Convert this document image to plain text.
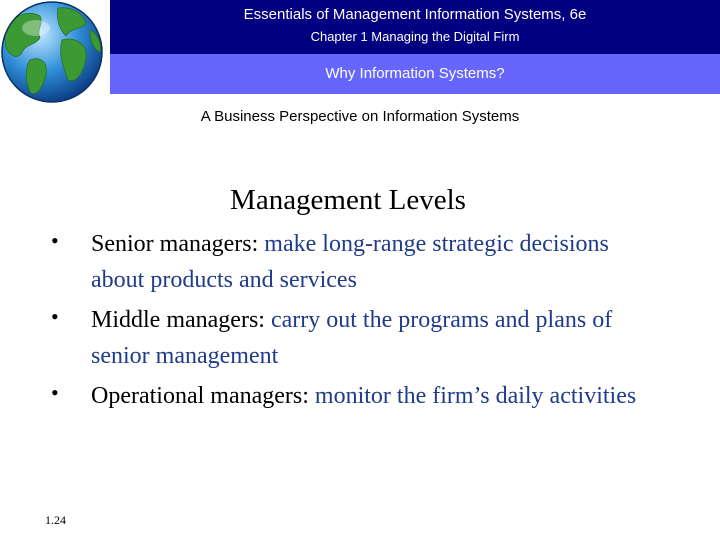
Essentials of Management Information Systems, 6e
Chapter 1 Managing the Digital Firm
Why Information Systems?
A Business Perspective on Information Systems
Management Levels
• Senior managers: make long-range strategic decisions about products and services
• Middle managers: carry out the programs and plans of senior management
• Operational managers: monitor the firm’s daily activities
1.24
